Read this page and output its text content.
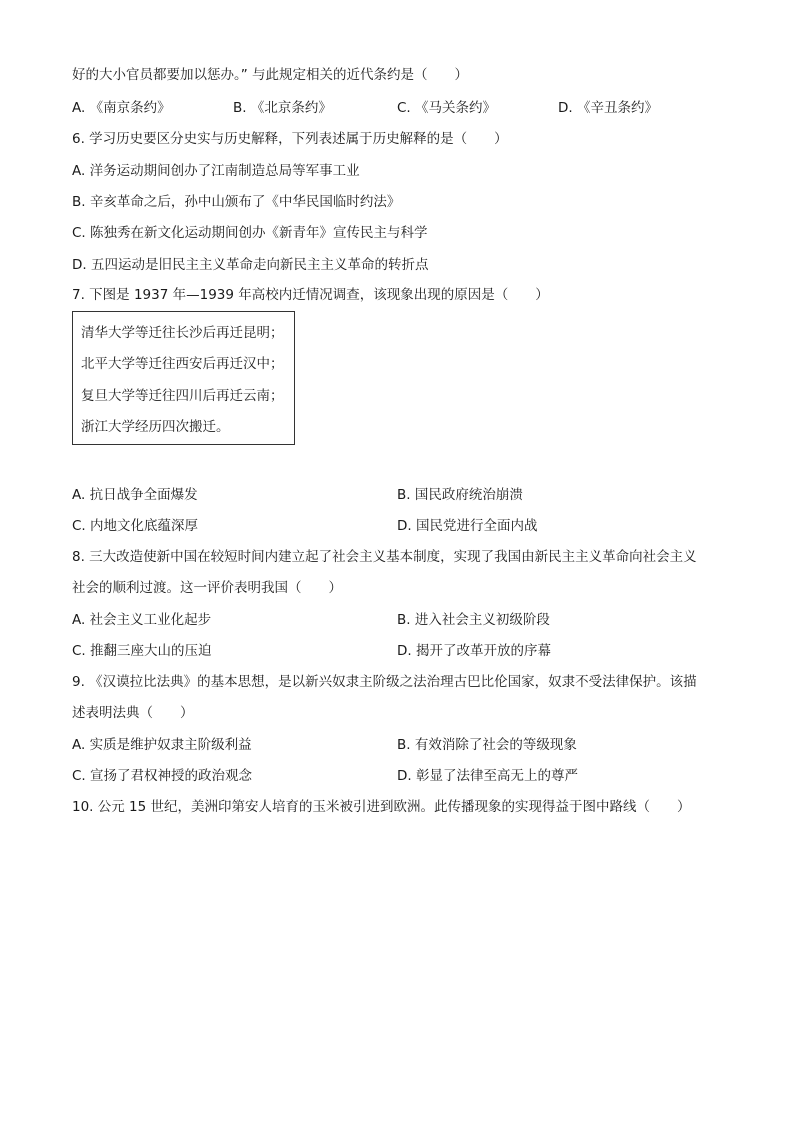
好的大小官员都要加以惩办。” 与此规定相关的近代条约是（　　）
A. 《南京条约》	B. 《北京条约》	C. 《马关条约》	D. 《辛丑条约》
6. 学习历史要区分史实与历史解释，下列表述属于历史解释的是（　　）
A. 洋务运动期间创办了江南制造总局等军事工业
B. 辛亥革命之后，孙中山颁布了《中华民国临时约法》
C. 陈独秀在新文化运动期间创办《新青年》宣传民主与科学
D. 五四运动是旧民主主义革命走向新民主主义革命的转折点
7. 下图是 1937 年—1939 年高校内迁情况调查，该现象出现的原因是（　　）
清华大学等迁往长沙后再迁昆明；
北平大学等迁往西安后再迁汉中；
复旦大学等迁往四川后再迁云南；
浙江大学经历四次搬迁。
A. 抗日战争全面爆发	B. 国民政府统治崩溃
C. 内地文化底蕴深厚	D. 国民党进行全面内战
8. 三大改造使新中国在较短时间内建立起了社会主义基本制度，实现了我国由新民主主义革命向社会主义
社会的顺利过渡。这一评价表明我国（　　）
A. 社会主义工业化起步	B. 进入社会主义初级阶段
C. 推翻三座大山的压迫	D. 揭开了改革开放的序幕
9. 《汉谟拉比法典》的基本思想，是以新兴奴隶主阶级之法治理古巴比伦国家，奴隶不受法律保护。该描
述表明法典（　　）
A. 实质是维护奴隶主阶级利益	B. 有效消除了社会的等级现象
C. 宣扬了君权神授的政治观念	D. 彰显了法律至高无上的尊严
10. 公元 15 世纪，美洲印第安人培育的玉米被引进到欧洲。此传播现象的实现得益于图中路线（　　）
